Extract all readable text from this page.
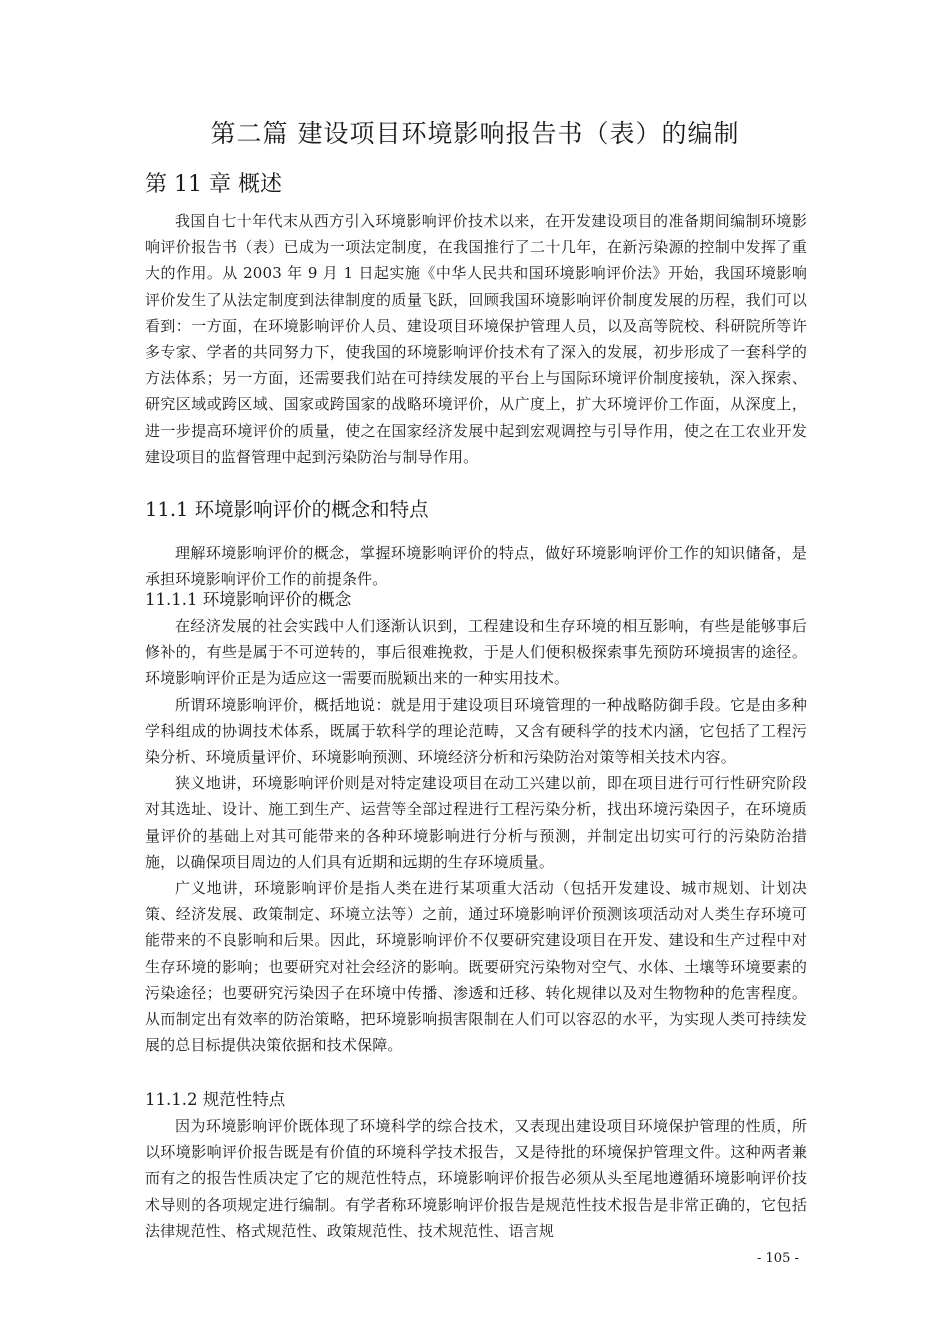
第二篇 建设项目环境影响报告书（表）的编制
第 11 章 概述

我国自七十年代末从西方引入环境影响评价技术以来，在开发建设项目的准备期间编制环境影响评价报告书（表）已成为一项法定制度，在我国推行了二十几年，在新污染源的控制中发挥了重大的作用。从 2003 年 9 月 1 日起实施《中华人民共和国环境影响评价法》开始，我国环境影响评价发生了从法定制度到法律制度的质量飞跃，回顾我国环境影响评价制度发展的历程，我们可以看到：一方面，在环境影响评价人员、建设项目环境保护管理人员，以及高等院校、科研院所等许多专家、学者的共同努力下，使我国的环境影响评价技术有了深入的发展，初步形成了一套科学的方法体系；另一方面，还需要我们站在可持续发展的平台上与国际环境评价制度接轨，深入探索、研究区域或跨区域、国家或跨国家的战略环境评价，从广度上，扩大环境评价工作面，从深度上，进一步提高环境评价的质量，使之在国家经济发展中起到宏观调控与引导作用，使之在工农业开发建设项目的监督管理中起到污染防治与制导作用。

11.1 环境影响评价的概念和特点

理解环境影响评价的概念，掌握环境影响评价的特点，做好环境影响评价工作的知识储备，是承担环境影响评价工作的前提条件。

11.1.1 环境影响评价的概念

在经济发展的社会实践中人们逐渐认识到，工程建设和生存环境的相互影响，有些是能够事后修补的，有些是属于不可逆转的，事后很难挽救，于是人们便积极探索事先预防环境损害的途径。环境影响评价正是为适应这一需要而脱颖出来的一种实用技术。

所谓环境影响评价，概括地说：就是用于建设项目环境管理的一种战略防御手段。它是由多种学科组成的协调技术体系，既属于软科学的理论范畴，又含有硬科学的技术内涵，它包括了工程污染分析、环境质量评价、环境影响预测、环境经济分析和污染防治对策等相关技术内容。

狭义地讲，环境影响评价则是对特定建设项目在动工兴建以前，即在项目进行可行性研究阶段对其选址、设计、施工到生产、运营等全部过程进行工程污染分析，找出环境污染因子，在环境质量评价的基础上对其可能带来的各种环境影响进行分析与预测，并制定出切实可行的污染防治措施，以确保项目周边的人们具有近期和远期的生存环境质量。

广义地讲，环境影响评价是指人类在进行某项重大活动（包括开发建设、城市规划、计划决策、经济发展、政策制定、环境立法等）之前，通过环境影响评价预测该项活动对人类生存环境可能带来的不良影响和后果。因此，环境影响评价不仅要研究建设项目在开发、建设和生产过程中对生存环境的影响；也要研究对社会经济的影响。既要研究污染物对空气、水体、土壤等环境要素的污染途径；也要研究污染因子在环境中传播、渗透和迁移、转化规律以及对生物物种的危害程度。从而制定出有效率的防治策略，把环境影响损害限制在人们可以容忍的水平，为实现人类可持续发展的总目标提供决策依据和技术保障。

11.1.2 规范性特点

因为环境影响评价既体现了环境科学的综合技术，又表现出建设项目环境保护管理的性质，所以环境影响评价报告既是有价值的环境科学技术报告，又是待批的环境保护管理文件。这种两者兼而有之的报告性质决定了它的规范性特点，环境影响评价报告必须从头至尾地遵循环境影响评价技术导则的各项规定进行编制。有学者称环境影响评价报告是规范性技术报告是非常正确的，它包括法律规范性、格式规范性、政策规范性、技术规范性、语言规

- 105 -
